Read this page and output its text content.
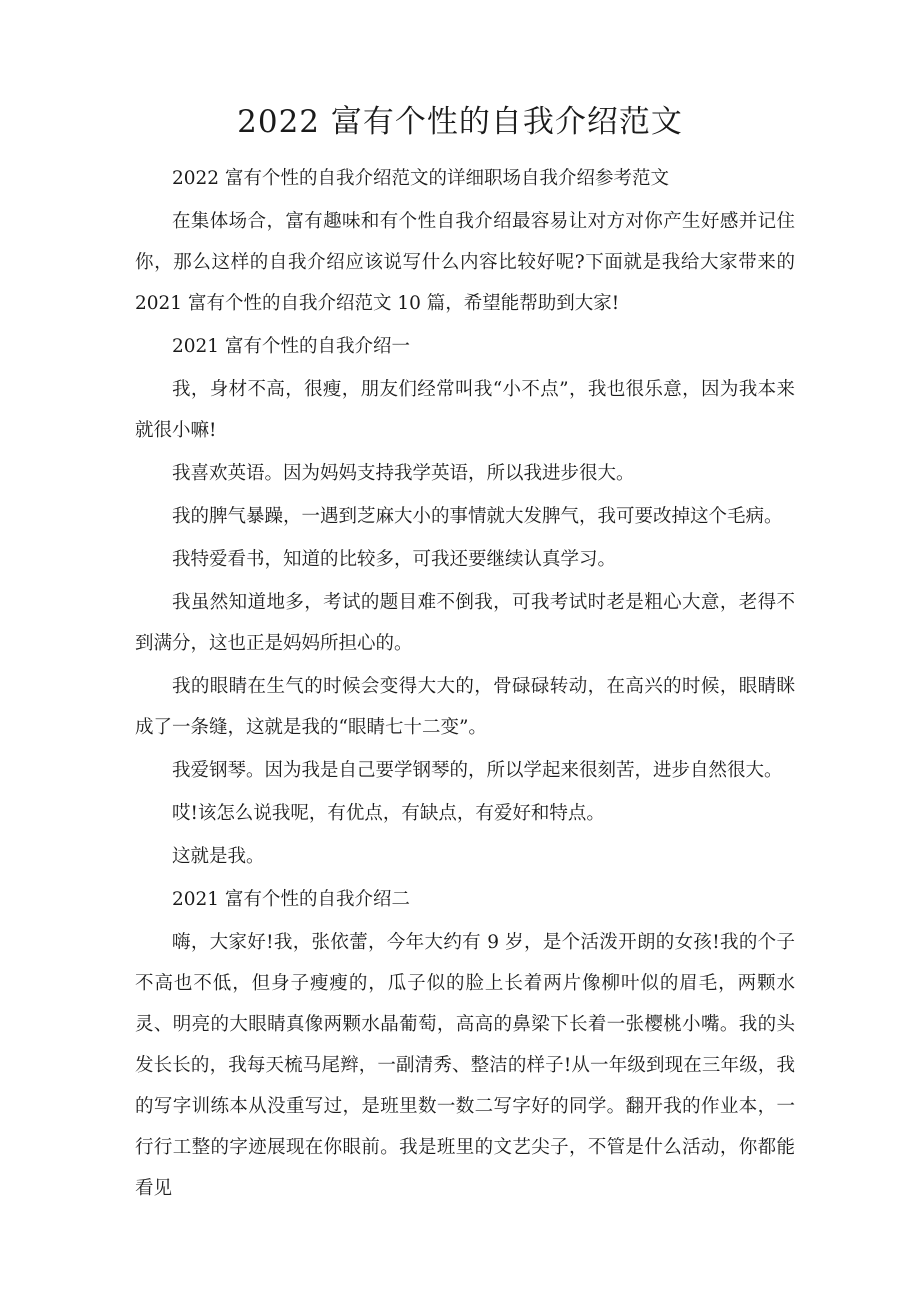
2022 富有个性的自我介绍范文

2022 富有个性的自我介绍范文的详细职场自我介绍参考范文

在集体场合，富有趣味和有个性自我介绍最容易让对方对你产生好感并记住你，那么这样的自我介绍应该说写什么内容比较好呢?下面就是我给大家带来的 2021 富有个性的自我介绍范文 10 篇，希望能帮助到大家!

2021 富有个性的自我介绍一

我，身材不高，很瘦，朋友们经常叫我“小不点”，我也很乐意，因为我本来就很小嘛!

我喜欢英语。因为妈妈支持我学英语，所以我进步很大。

我的脾气暴躁，一遇到芝麻大小的事情就大发脾气，我可要改掉这个毛病。

我特爱看书，知道的比较多，可我还要继续认真学习。

我虽然知道地多，考试的题目难不倒我，可我考试时老是粗心大意，老得不到满分，这也正是妈妈所担心的。

我的眼睛在生气的时候会变得大大的，骨碌碌转动，在高兴的时候，眼睛眯成了一条缝，这就是我的“眼睛七十二变”。

我爱钢琴。因为我是自己要学钢琴的，所以学起来很刻苦，进步自然很大。

哎!该怎么说我呢，有优点，有缺点，有爱好和特点。

这就是我。

2021 富有个性的自我介绍二

嗨，大家好!我，张依蕾，今年大约有 9 岁，是个活泼开朗的女孩!我的个子不高也不低，但身子瘦瘦的，瓜子似的脸上长着两片像柳叶似的眉毛，两颗水灵、明亮的大眼睛真像两颗水晶葡萄，高高的鼻梁下长着一张樱桃小嘴。我的头发长长的，我每天梳马尾辫，一副清秀、整洁的样子!从一年级到现在三年级，我的写字训练本从没重写过，是班里数一数二写字好的同学。翻开我的作业本，一行行工整的字迹展现在你眼前。我是班里的文艺尖子，不管是什么活动，你都能看见
